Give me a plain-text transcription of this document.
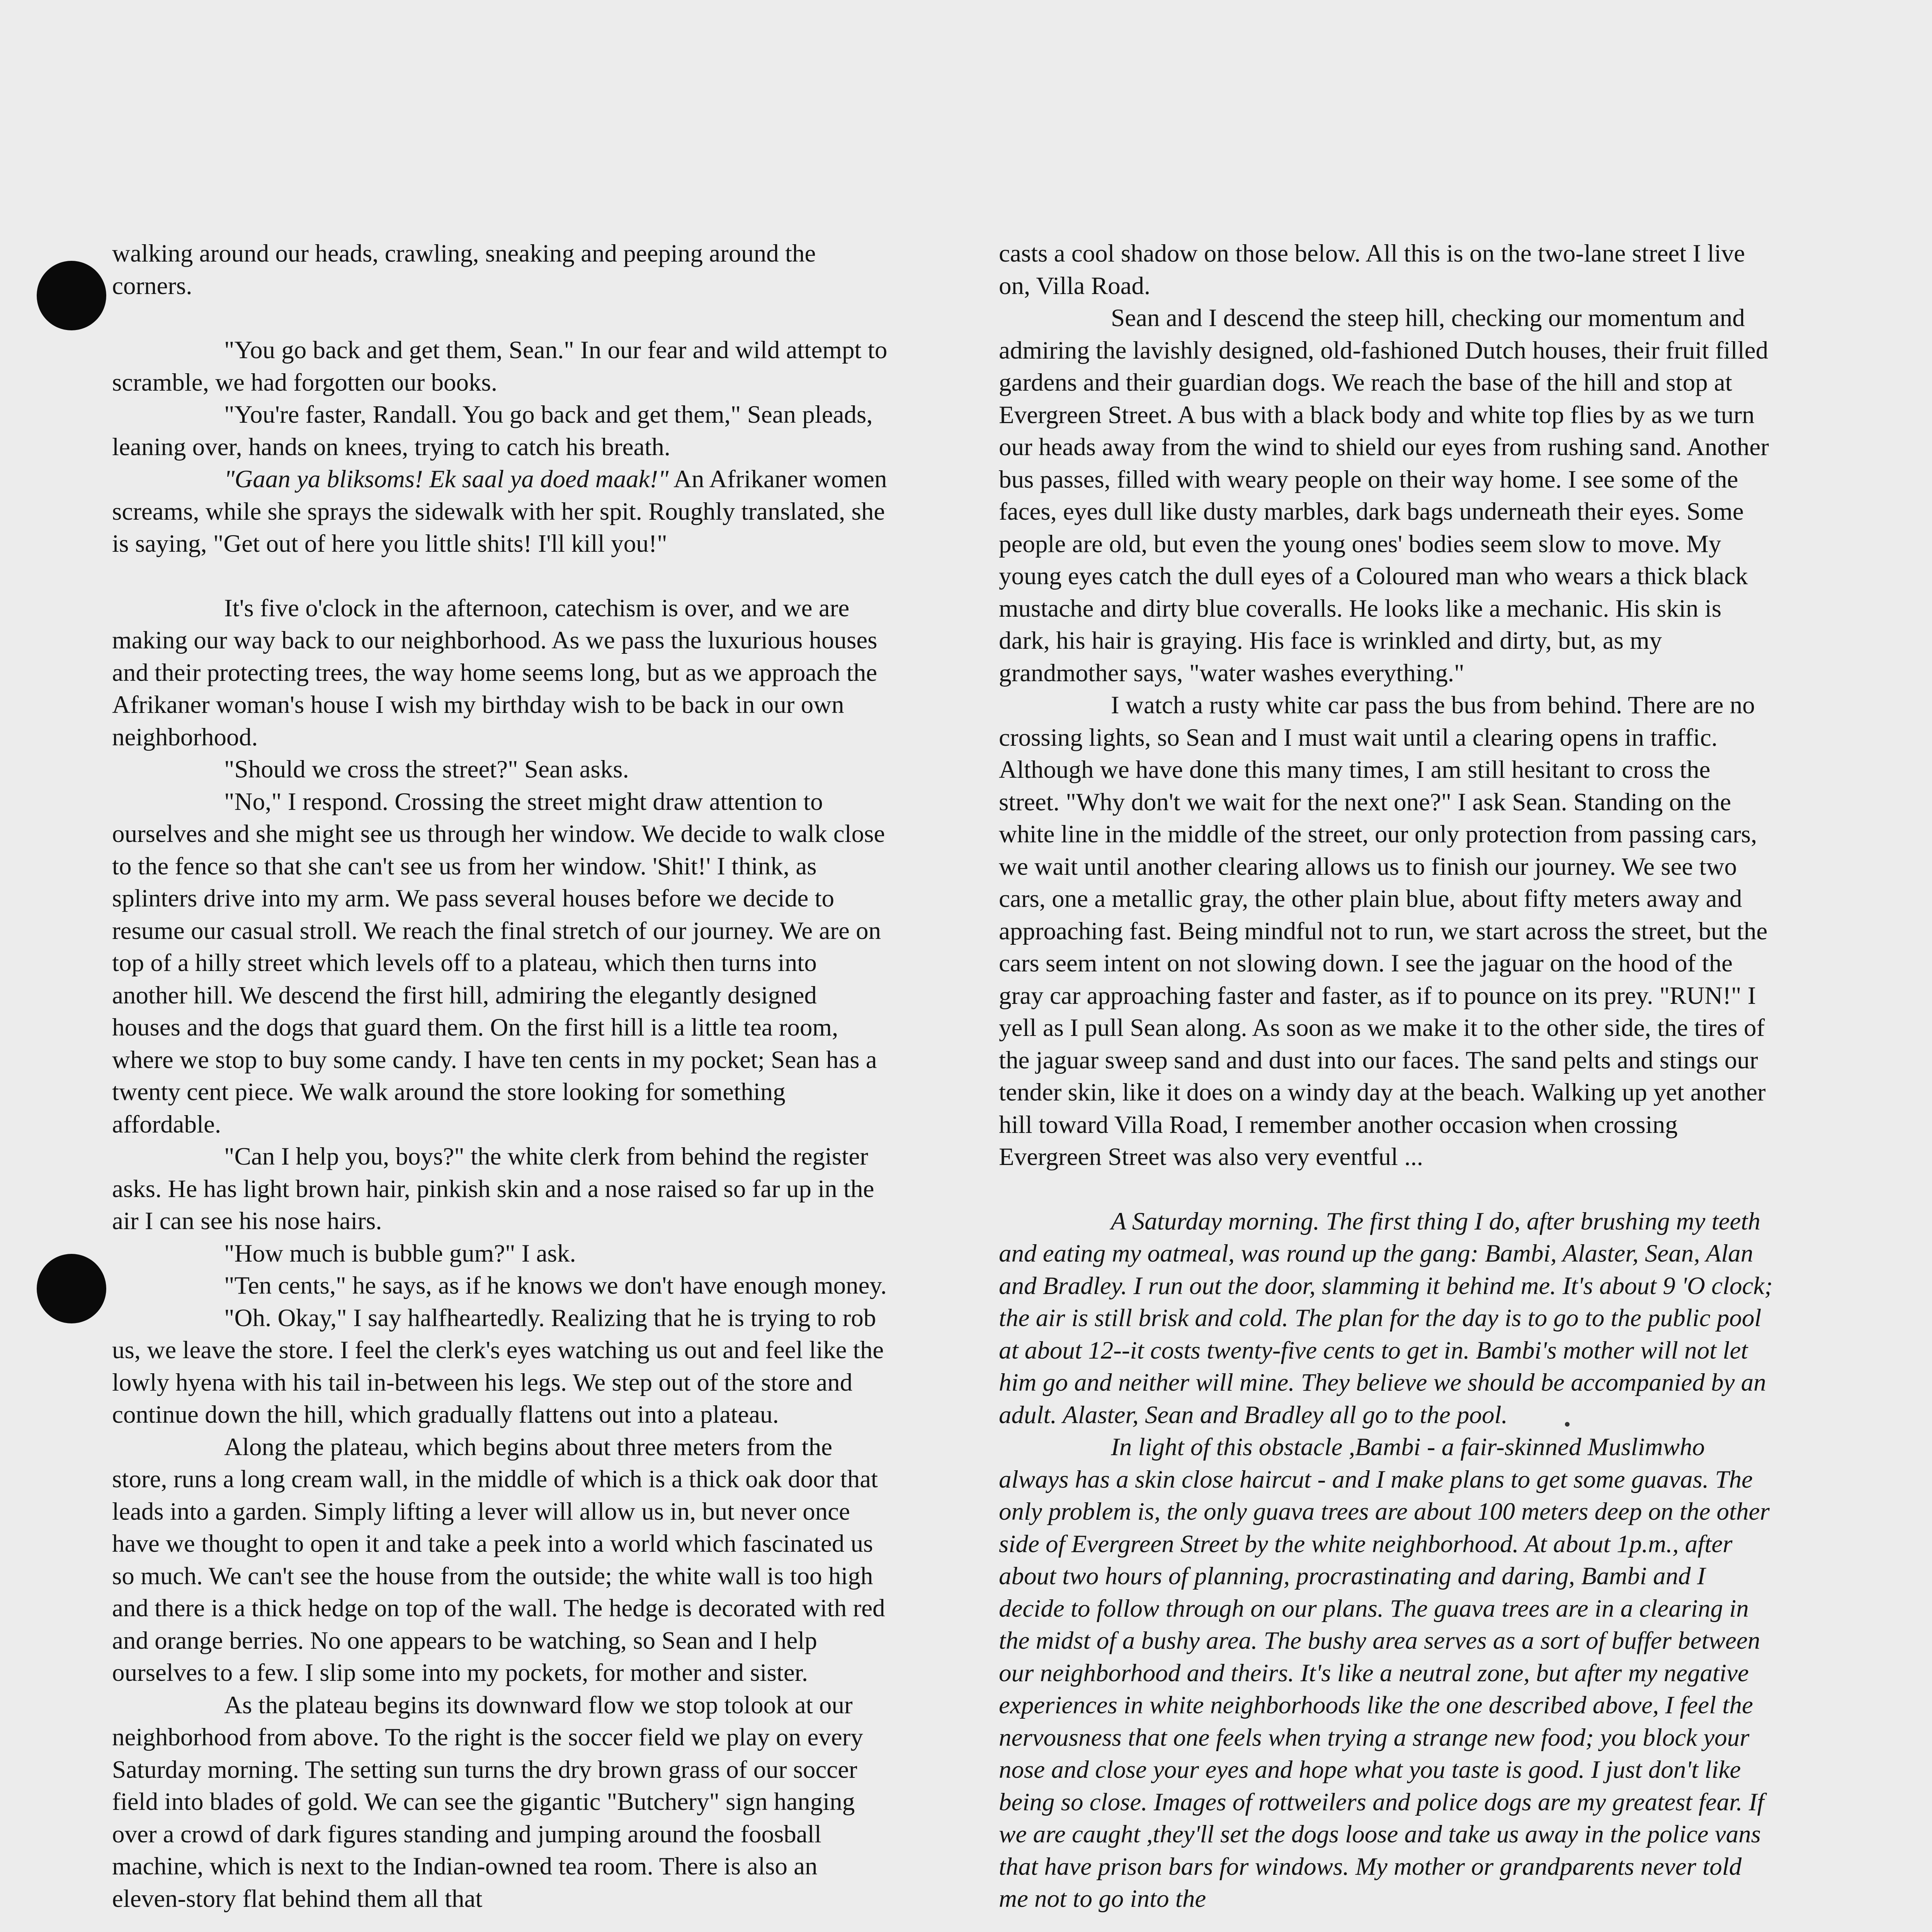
walking around our heads, crawling, sneaking and peeping around the corners.

"You go back and get them, Sean." In our fear and wild attempt to scramble, we had forgotten our books.

"You're faster, Randall. You go back and get them," Sean pleads, leaning over, hands on knees, trying to catch his breath.

"Gaan ya bliksoms! Ek saal ya doed maak!" An Afrikaner women screams, while she sprays the sidewalk with her spit. Roughly translated, she is saying, "Get out of here you little shits! I'll kill you!"

It's five o'clock in the afternoon, catechism is over, and we are making our way back to our neighborhood. As we pass the luxurious houses and their protecting trees, the way home seems long, but as we approach the Afrikaner woman's house I wish my birthday wish to be back in our own neighborhood.

"Should we cross the street?" Sean asks.

"No," I respond. Crossing the street might draw attention to ourselves and she might see us through her window. We decide to walk close to the fence so that she can't see us from her window. 'Shit!' I think, as splinters drive into my arm. We pass several houses before we decide to resume our casual stroll. We reach the final stretch of our journey. We are on top of a hilly street which levels off to a plateau, which then turns into another hill. We descend the first hill, admiring the elegantly designed houses and the dogs that guard them. On the first hill is a little tea room, where we stop to buy some candy. I have ten cents in my pocket; Sean has a twenty cent piece. We walk around the store looking for something affordable.

"Can I help you, boys?" the white clerk from behind the register asks. He has light brown hair, pinkish skin and a nose raised so far up in the air I can see his nose hairs.

"How much is bubble gum?" I ask.

"Ten cents," he says, as if he knows we don't have enough money.

"Oh. Okay," I say halfheartedly. Realizing that he is trying to rob us, we leave the store. I feel the clerk's eyes watching us out and feel like the lowly hyena with his tail in-between his legs. We step out of the store and continue down the hill, which gradually flattens out into a plateau.

Along the plateau, which begins about three meters from the store, runs a long cream wall, in the middle of which is a thick oak door that leads into a garden. Simply lifting a lever will allow us in, but never once have we thought to open it and take a peek into a world which fascinated us so much. We can't see the house from the outside; the white wall is too high and there is a thick hedge on top of the wall. The hedge is decorated with red and orange berries. No one appears to be watching, so Sean and I help ourselves to a few. I slip some into my pockets, for mother and sister.

As the plateau begins its downward flow we stop tolook at our neighborhood from above. To the right is the soccer field we play on every Saturday morning. The setting sun turns the dry brown grass of our soccer field into blades of gold. We can see the gigantic "Butchery" sign hanging over a crowd of dark figures standing and jumping around the foosball machine, which is next to the Indian-owned tea room. There is also an eleven-story flat behind them all that

casts a cool shadow on those below. All this is on the two-lane street I live on, Villa Road.

Sean and I descend the steep hill, checking our momentum and admiring the lavishly designed, old-fashioned Dutch houses, their fruit filled gardens and their guardian dogs. We reach the base of the hill and stop at Evergreen Street. A bus with a black body and white top flies by as we turn our heads away from the wind to shield our eyes from rushing sand. Another bus passes, filled with weary people on their way home. I see some of the faces, eyes dull like dusty marbles, dark bags underneath their eyes. Some people are old, but even the young ones' bodies seem slow to move. My young eyes catch the dull eyes of a Coloured man who wears a thick black mustache and dirty blue coveralls. He looks like a mechanic. His skin is dark, his hair is graying. His face is wrinkled and dirty, but, as my grandmother says, "water washes everything."

I watch a rusty white car pass the bus from behind. There are no crossing lights, so Sean and I must wait until a clearing opens in traffic. Although we have done this many times, I am still hesitant to cross the street. "Why don't we wait for the next one?" I ask Sean. Standing on the white line in the middle of the street, our only protection from passing cars, we wait until another clearing allows us to finish our journey. We see two cars, one a metallic gray, the other plain blue, about fifty meters away and approaching fast. Being mindful not to run, we start across the street, but the cars seem intent on not slowing down. I see the jaguar on the hood of the gray car approaching faster and faster, as if to pounce on its prey. "RUN!" I yell as I pull Sean along. As soon as we make it to the other side, the tires of the jaguar sweep sand and dust into our faces. The sand pelts and stings our tender skin, like it does on a windy day at the beach. Walking up yet another hill toward Villa Road, I remember another occasion when crossing Evergreen Street was also very eventful ...

A Saturday morning. The first thing I do, after brushing my teeth and eating my oatmeal, was round up the gang: Bambi, Alaster, Sean, Alan and Bradley. I run out the door, slamming it behind me. It's about 9 'O clock; the air is still brisk and cold. The plan for the day is to go to the public pool at about 12--it costs twenty-five cents to get in. Bambi's mother will not let him go and neither will mine. They believe we should be accompanied by an adult. Alaster, Sean and Bradley all go to the pool.

In light of this obstacle ,Bambi - a fair-skinned Muslimwho always has a skin close haircut - and I make plans to get some guavas. The only problem is, the only guava trees are about 100 meters deep on the other side of Evergreen Street by the white neighborhood. At about 1p.m., after about two hours of planning, procrastinating and daring, Bambi and I decide to follow through on our plans. The guava trees are in a clearing in the midst of a bushy area. The bushy area serves as a sort of buffer between our neighborhood and theirs. It's like a neutral zone, but after my negative experiences in white neighborhoods like the one described above, I feel the nervousness that one feels when trying a strange new food; you block your nose and close your eyes and hope what you taste is good. I just don't like being so close. Images of rottweilers and police dogs are my greatest fear. If we are caught ,they'll set the dogs loose and take us away in the police vans that have prison bars for windows. My mother or grandparents never told me not to go into the
